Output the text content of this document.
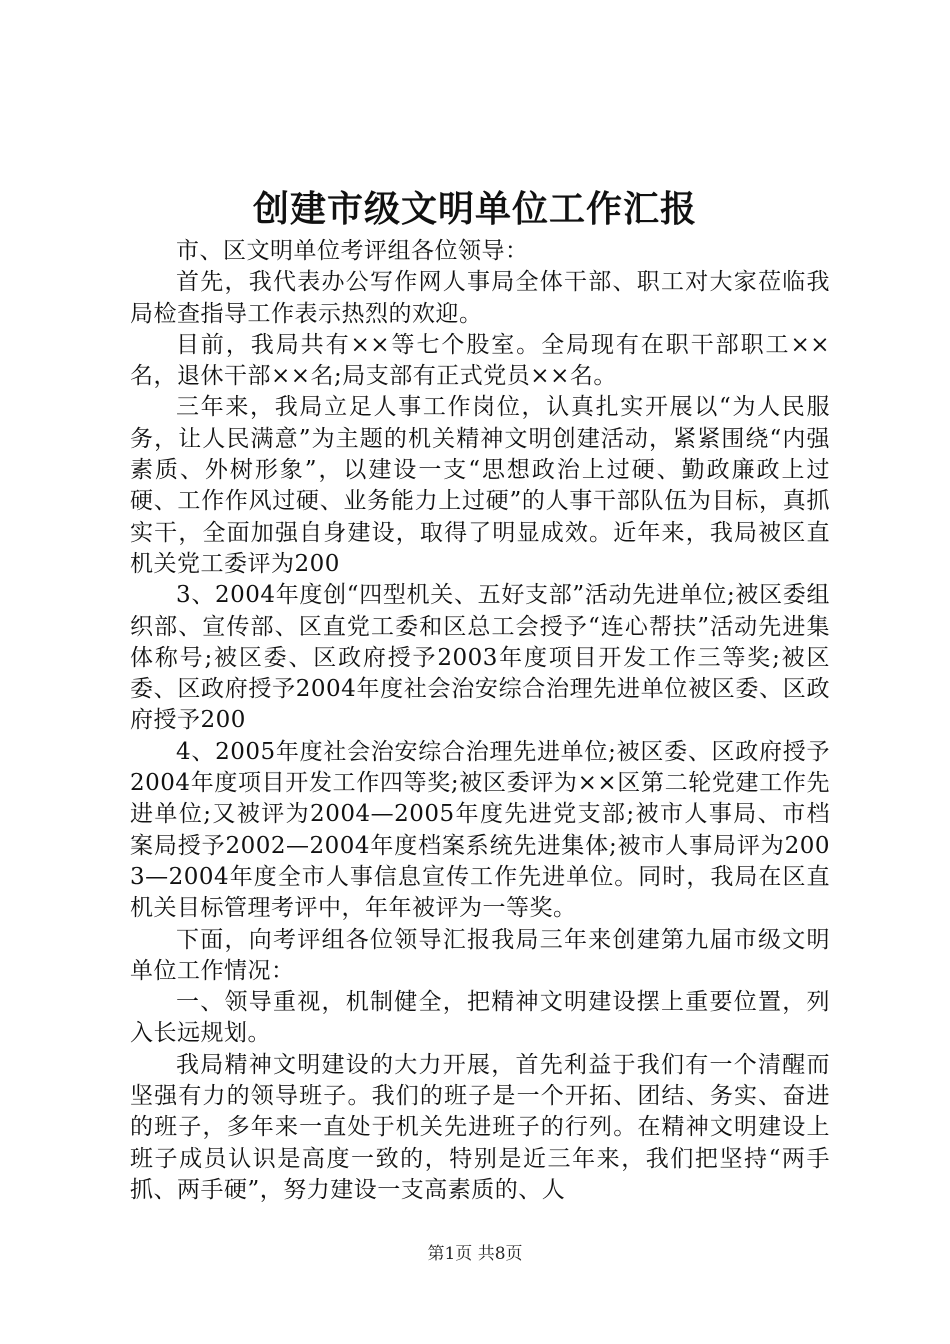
创建市级文明单位工作汇报

市、区文明单位考评组各位领导：

首先，我代表办公写作网人事局全体干部、职工对大家莅临我局检查指导工作表示热烈的欢迎。

目前，我局共有××等七个股室。全局现有在职干部职工××名，退休干部××名;局支部有正式党员××名。

三年来，我局立足人事工作岗位，认真扎实开展以“为人民服务，让人民满意”为主题的机关精神文明创建活动，紧紧围绕“内强素质、外树形象”，以建设一支“思想政治上过硬、勤政廉政上过硬、工作作风过硬、业务能力上过硬”的人事干部队伍为目标，真抓实干，全面加强自身建设，取得了明显成效。近年来，我局被区直机关党工委评为200

3、2004年度创“四型机关、五好支部”活动先进单位;被区委组织部、宣传部、区直党工委和区总工会授予“连心帮扶”活动先进集体称号;被区委、区政府授予2003年度项目开发工作三等奖;被区委、区政府授予2004年度社会治安综合治理先进单位被区委、区政府授予200

4、2005年度社会治安综合治理先进单位;被区委、区政府授予2004年度项目开发工作四等奖;被区委评为××区第二轮党建工作先进单位;又被评为2004—2005年度先进党支部;被市人事局、市档案局授予2002—2004年度档案系统先进集体;被市人事局评为2003—2004年度全市人事信息宣传工作先进单位。同时，我局在区直机关目标管理考评中，年年被评为一等奖。

下面，向考评组各位领导汇报我局三年来创建第九届市级文明单位工作情况：

一、领导重视，机制健全，把精神文明建设摆上重要位置，列入长远规划。

我局精神文明建设的大力开展，首先利益于我们有一个清醒而坚强有力的领导班子。我们的班子是一个开拓、团结、务实、奋进的班子，多年来一直处于机关先进班子的行列。在精神文明建设上班子成员认识是高度一致的，特别是近三年来，我们把坚持“两手抓、两手硬”，努力建设一支高素质的、人

第1页 共8页
